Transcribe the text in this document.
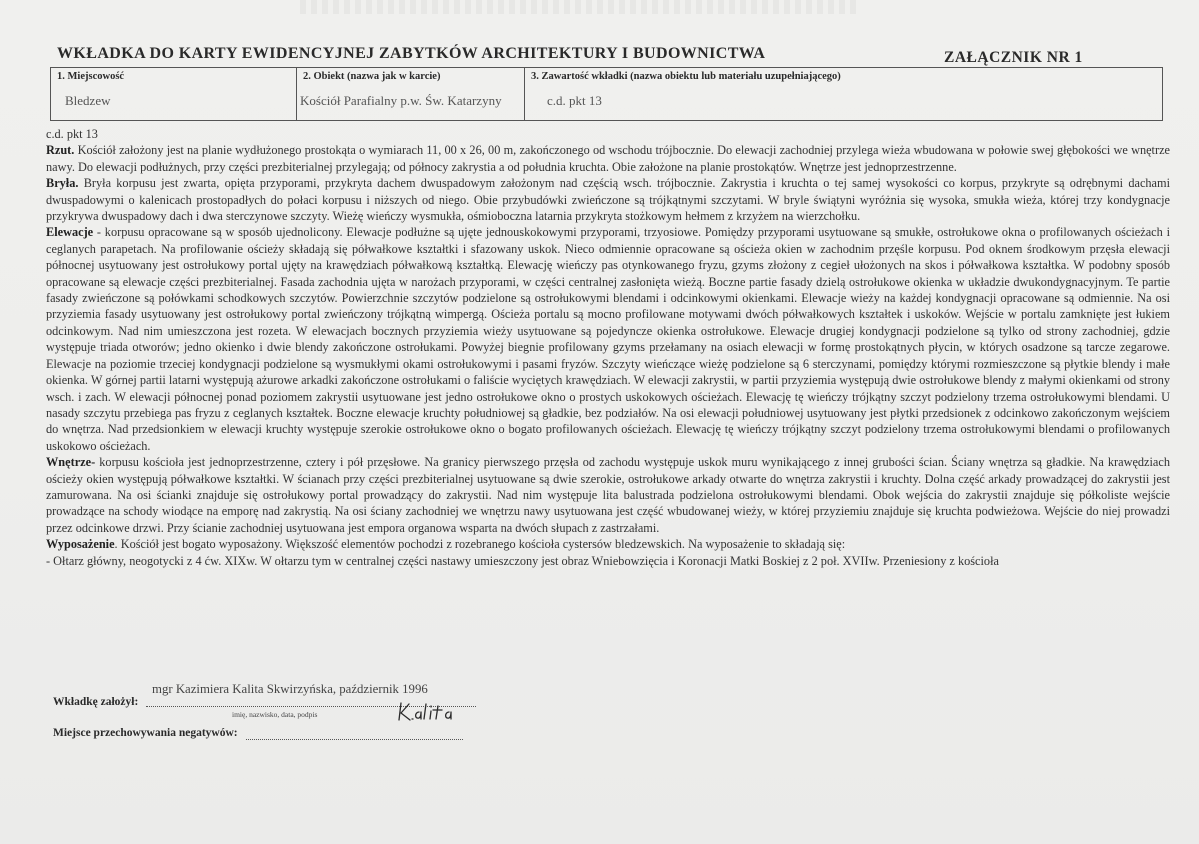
WKŁADKA DO KARTY EWIDENCYJNEJ ZABYTKÓW ARCHITEKTURY I BUDOWNICTWA	ZAŁĄCZNIK NR 1
1. Miejscowość
Bledzew
2. Obiekt (nazwa jak w karcie)
Kościół Parafialny p.w. Św. Katarzyny
3. Zawartość wkładki (nazwa obiektu lub materiału uzupełniającego)
c.d. pkt 13

c.d. pkt 13

Rzut. Kościół założony jest na planie wydłużonego prostokąta o wymiarach 11, 00 x 26, 00 m, zakończonego od wschodu trójbocznie. Do elewacji zachodniej przylega wieża wbudowana w połowie swej głębokości we wnętrze nawy. Do elewacji podłużnych, przy części prezbiterialnej przylegają; od północy zakrystia a od południa kruchta. Obie założone na planie prostokątów. Wnętrze jest jednoprzestrzenne.

Bryła. Bryła korpusu jest zwarta, opięta przyporami, przykryta dachem dwuspadowym założonym nad częścią wsch. trójbocznie. Zakrystia i kruchta o tej samej wysokości co korpus, przykryte są odrębnymi dachami dwuspadowymi o kalenicach prostopadłych do połaci korpusu i niższych od niego. Obie przybudówki zwieńczone są trójkątnymi szczytami. W bryle świątyni wyróżnia się wysoka, smukła wieża, której trzy kondygnacje przykrywa dwuspadowy dach i dwa sterczynowe szczyty. Wieżę wieńczy wysmukła, ośmioboczna latarnia przykryta stożkowym hełmem z krzyżem na wierzchołku.

Elewacje - korpusu opracowane są w sposób ujednolicony. Elewacje podłużne są ujęte jednouskokowymi przyporami, trzyosiowe. Pomiędzy przyporami usytuowane są smukłe, ostrołukowe okna o profilowanych ościeżach i ceglanych parapetach. Na profilowanie ościeży składają się półwałkowe kształtki i sfazowany uskok. Nieco odmiennie opracowane są ościeża okien w zachodnim przęśle korpusu. Pod oknem środkowym przęsła elewacji północnej usytuowany jest ostrołukowy portal ujęty na krawędziach półwałkową kształtką. Elewację wieńczy pas otynkowanego fryzu, gzyms złożony z cegieł ułożonych na skos i półwałkowa kształtka. W podobny sposób opracowane są elewacje części prezbiterialnej. Fasada zachodnia ujęta w narożach przyporami, w części centralnej zasłonięta wieżą. Boczne partie fasady dzielą ostrołukowe okienka w układzie dwukondygnacyjnym. Te partie fasady zwieńczone są połówkami schodkowych szczytów. Powierzchnie szczytów podzielone są ostrołukowymi blendami i odcinkowymi okienkami. Elewacje wieży na każdej kondygnacji opracowane są odmiennie. Na osi przyziemia fasady usytuowany jest ostrołukowy portal zwieńczony trójkątną wimpergą. Ościeża portalu są mocno profilowane motywami dwóch półwałkowych kształtek i uskoków. Wejście w portalu zamknięte jest łukiem odcinkowym. Nad nim umieszczona jest rozeta. W elewacjach bocznych przyziemia wieży usytuowane są pojedyncze okienka ostrołukowe. Elewacje drugiej kondygnacji podzielone są tylko od strony zachodniej, gdzie występuje triada otworów; jedno okienko i dwie blendy zakończone ostrołukami. Powyżej biegnie profilowany gzyms przełamany na osiach elewacji w formę prostokątnych płycin, w których osadzone są tarcze zegarowe. Elewacje na poziomie trzeciej kondygnacji podzielone są wysmukłymi okami ostrołukowymi i pasami fryzów. Szczyty wieńczące wieżę podzielone są 6 sterczynami, pomiędzy którymi rozmieszczone są płytkie blendy i małe okienka. W górnej partii latarni występują ażurowe arkadki zakończone ostrołukami o faliście wyciętych krawędziach. W elewacji zakrystii, w partii przyziemia występują dwie ostrołukowe blendy z małymi okienkami od strony wsch. i zach. W elewacji północnej ponad poziomem zakrystii usytuowane jest jedno ostrołukowe okno o prostych uskokowych ościeżach. Elewację tę wieńczy trójkątny szczyt podzielony trzema ostrołukowymi blendami. U nasady szczytu przebiega pas fryzu z ceglanych kształtek. Boczne elewacje kruchty południowej są gładkie, bez podziałów. Na osi elewacji południowej usytuowany jest płytki przedsionek z odcinkowo zakończonym wejściem do wnętrza. Nad przedsionkiem w elewacji kruchty występuje szerokie ostrołukowe okno o bogato profilowanych ościeżach. Elewację tę wieńczy trójkątny szczyt podzielony trzema ostrołukowymi blendami o profilowanych uskokowo ościeżach.

Wnętrze- korpusu kościoła jest jednoprzestrzenne, cztery i pół przęsłowe. Na granicy pierwszego przęsła od zachodu występuje uskok muru wynikającego z innej grubości ścian. Ściany wnętrza są gładkie. Na krawędziach ościeży okien występują półwałkowe kształtki. W ścianach przy części prezbiterialnej usytuowane są dwie szerokie, ostrołukowe arkady otwarte do wnętrza zakrystii i kruchty. Dolna część arkady prowadzącej do zakrystii jest zamurowana. Na osi ścianki znajduje się ostrołukowy portal prowadzący do zakrystii. Nad nim występuje lita balustrada podzielona ostrołukowymi blendami. Obok wejścia do zakrystii znajduje się półkoliste wejście prowadzące na schody wiodące na emporę nad zakrystią. Na osi ściany zachodniej we wnętrzu nawy usytuowana jest część wbudowanej wieży, w której przyziemiu znajduje się kruchta podwieżowa. Wejście do niej prowadzi przez odcinkowe drzwi. Przy ścianie zachodniej usytuowana jest empora organowa wsparta na dwóch słupach z zastrzałami.

Wyposażenie. Kościół jest bogato wyposażony. Większość elementów pochodzi z rozebranego kościoła cystersów bledzewskich. Na wyposażenie to składają się:

- Ołtarz główny, neogotycki z 4 ćw. XIXw. W ołtarzu tym w centralnej części nastawy umieszczony jest obraz Wniebowzięcia i Koronacji Matki Boskiej z 2 poł. XVIIw. Przeniesiony z kościoła

mgr Kazimiera Kalita Skwirzyńska, październik 1996
Wkładkę założył:
imię, nazwisko, data, podpis
Miejsce przechowywania negatywów:
